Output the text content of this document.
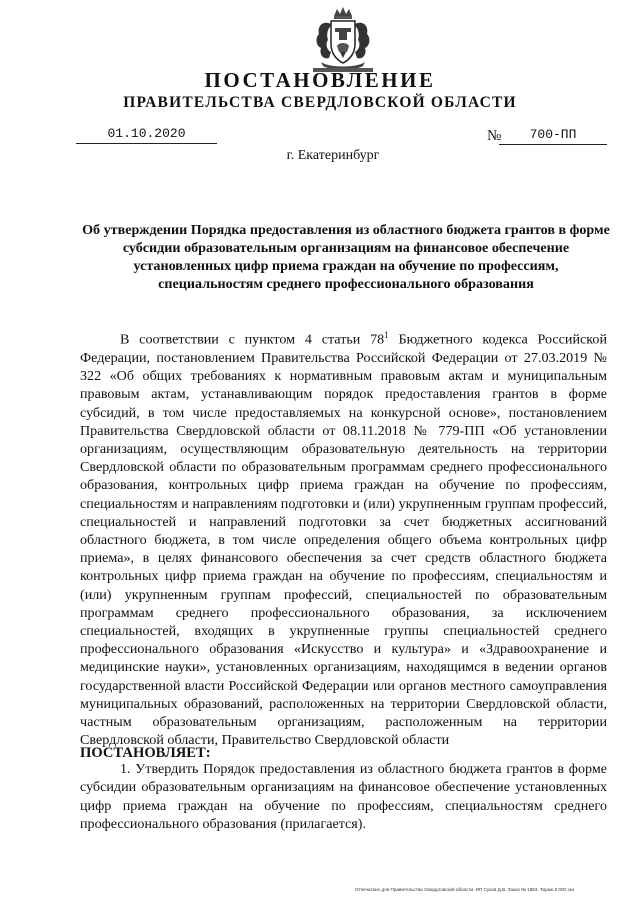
ПОСТАНОВЛЕНИЕ
ПРАВИТЕЛЬСТВА СВЕРДЛОВСКОЙ ОБЛАСТИ
01.10.2020	№	700-ПП
г. Екатеринбург
Об утверждении Порядка предоставления из областного бюджета грантов в форме субсидии образовательным организациям на финансовое обеспечение установленных цифр приема граждан на обучение по профессиям, специальностям среднего профессионального образования
В соответствии с пунктом 4 статьи $78^1$ Бюджетного кодекса Российской Федерации, постановлением Правительства Российской Федерации от 27.03.2019 № 322 «Об общих требованиях к нормативным правовым актам и муниципальным правовым актам, устанавливающим порядок предоставления грантов в форме субсидий, в том числе предоставляемых на конкурсной основе», постановлением Правительства Свердловской области от 08.11.2018 № 779-ПП «Об установлении организациям, осуществляющим образовательную деятельность на территории Свердловской области по образовательным программам среднего профессионального образования, контрольных цифр приема граждан на обучение по профессиям, специальностям и направлениям подготовки и (или) укрупненным группам профессий, специальностей и направлений подготовки за счет бюджетных ассигнований областного бюджета, в том числе определения общего объема контрольных цифр приема», в целях финансового обеспечения за счет средств областного бюджета контрольных цифр приема граждан на обучение по профессиям, специальностям и (или) укрупненным группам профессий, специальностей по образовательным программам среднего профессионального образования, за исключением специальностей, входящих в укрупненные группы специальностей среднего профессионального образования «Искусство и культура» и «Здравоохранение и медицинские науки», установленных организациям, находящимся в ведении органов государственной власти Российской Федерации или органов местного самоуправления муниципальных образований, расположенных на территории Свердловской области, частным образовательным организациям, расположенным на территории Свердловской области, Правительство Свердловской области
ПОСТАНОВЛЯЕТ:
1. Утвердить Порядок предоставления из областного бюджета грантов в форме субсидии образовательным организациям на финансовое обеспечение установленных цифр приема граждан на обучение по профессиям, специальностям среднего профессионального образования (прилагается).
Отпечатано для Правительства Свердловской области. ИП Сухов Д.В. Заказ № 1963. Тираж 2 000 экз.
